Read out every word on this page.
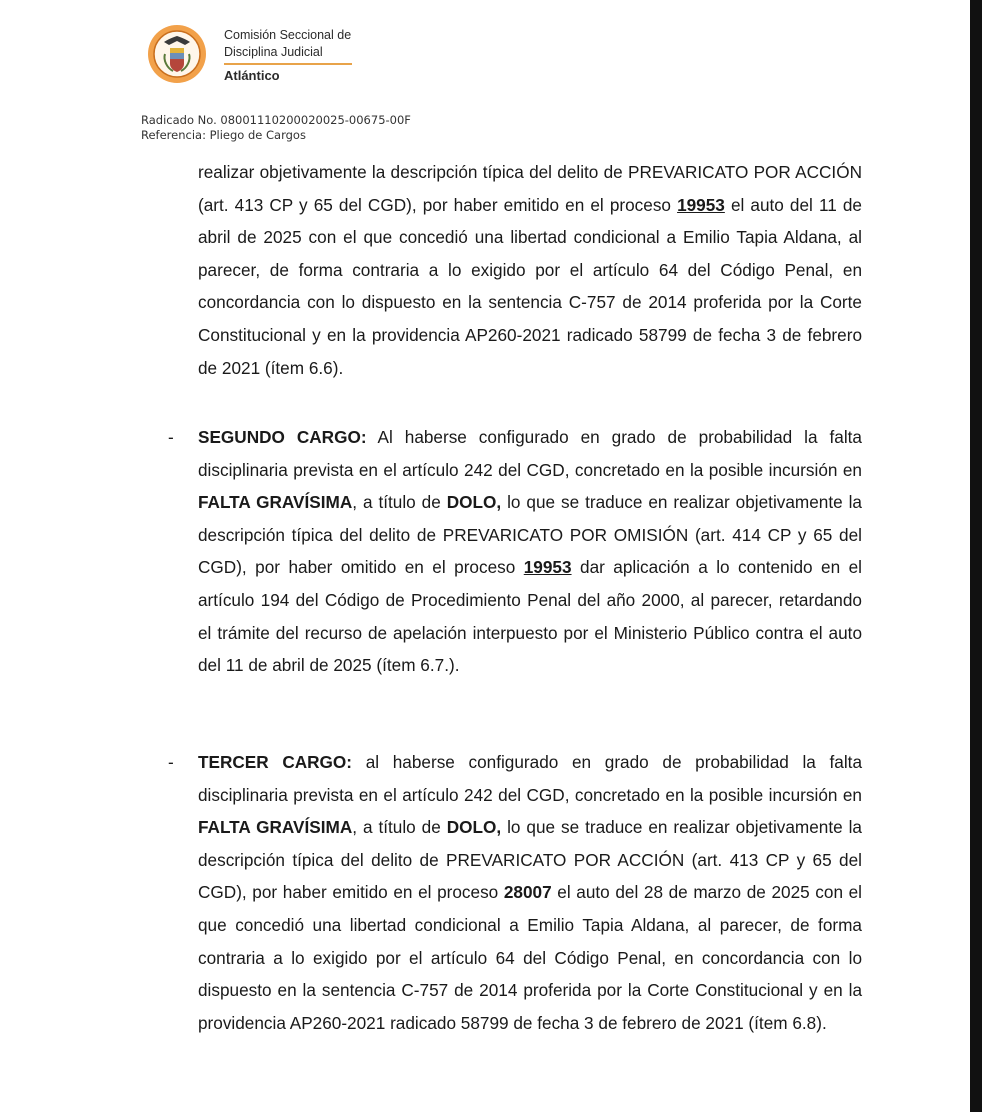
Comisión Seccional de
Disciplina Judicial
Atlántico
Radicado No. 08001110200020025-00675-00F
Referencia: Pliego de Cargos
realizar objetivamente la descripción típica del delito de PREVARICATO POR ACCIÓN (art. 413 CP y 65 del CGD), por haber emitido en el proceso 19953 el auto del 11 de abril de 2025 con el que concedió una libertad condicional a Emilio Tapia Aldana, al parecer, de forma contraria a lo exigido por el artículo 64 del Código Penal, en concordancia con lo dispuesto en la sentencia C-757 de 2014 proferida por la Corte Constitucional y en la providencia AP260-2021 radicado 58799 de fecha 3 de febrero de 2021 (ítem 6.6).
- SEGUNDO CARGO: Al haberse configurado en grado de probabilidad la falta disciplinaria prevista en el artículo 242 del CGD, concretado en la posible incursión en FALTA GRAVÍSIMA, a título de DOLO, lo que se traduce en realizar objetivamente la descripción típica del delito de PREVARICATO POR OMISIÓN (art. 414 CP y 65 del CGD), por haber omitido en el proceso 19953 dar aplicación a lo contenido en el artículo 194 del Código de Procedimiento Penal del año 2000, al parecer, retardando el trámite del recurso de apelación interpuesto por el Ministerio Público contra el auto del 11 de abril de 2025 (ítem 6.7.).
- TERCER CARGO: al haberse configurado en grado de probabilidad la falta disciplinaria prevista en el artículo 242 del CGD, concretado en la posible incursión en FALTA GRAVÍSIMA, a título de DOLO, lo que se traduce en realizar objetivamente la descripción típica del delito de PREVARICATO POR ACCIÓN (art. 413 CP y 65 del CGD), por haber emitido en el proceso 28007 el auto del 28 de marzo de 2025 con el que concedió una libertad condicional a Emilio Tapia Aldana, al parecer, de forma contraria a lo exigido por el artículo 64 del Código Penal, en concordancia con lo dispuesto en la sentencia C-757 de 2014 proferida por la Corte Constitucional y en la providencia AP260-2021 radicado 58799 de fecha 3 de febrero de 2021 (ítem 6.8).
